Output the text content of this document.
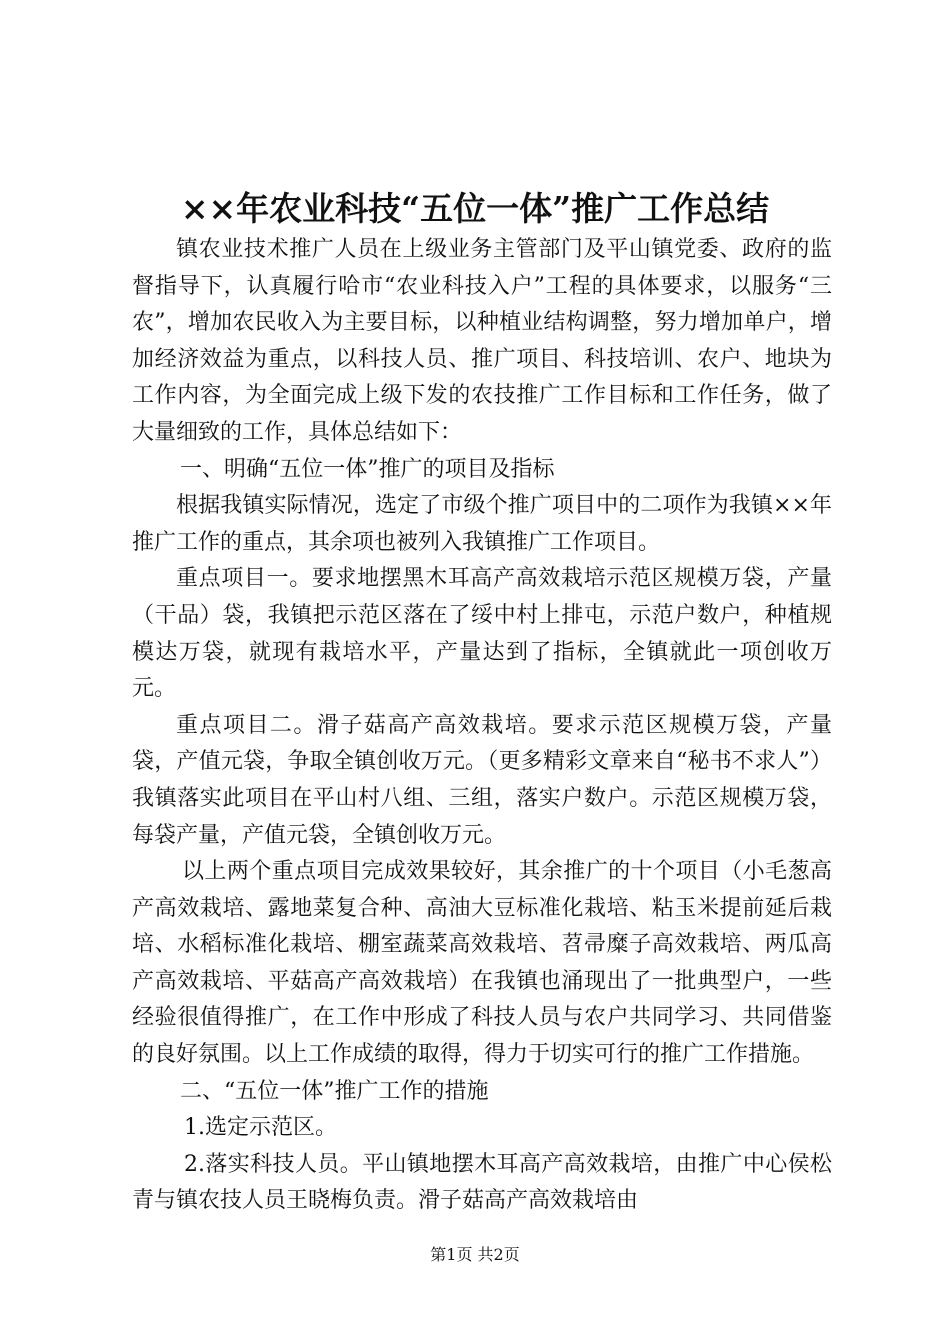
××年农业科技“五位一体”推广工作总结

镇农业技术推广人员在上级业务主管部门及平山镇党委、政府的监督指导下，认真履行哈市“农业科技入户”工程的具体要求，以服务“三农”，增加农民收入为主要目标，以种植业结构调整，努力增加单户，增加经济效益为重点，以科技人员、推广项目、科技培训、农户、地块为工作内容，为全面完成上级下发的农技推广工作目标和工作任务，做了大量细致的工作，具体总结如下：

一、明确“五位一体”推广的项目及指标

根据我镇实际情况，选定了市级个推广项目中的二项作为我镇××年推广工作的重点，其余项也被列入我镇推广工作项目。

重点项目一。要求地摆黑木耳高产高效栽培示范区规模万袋，产量（干品）袋，我镇把示范区落在了绥中村上排屯，示范户数户，种植规模达万袋，就现有栽培水平，产量达到了指标，全镇就此一项创收万元。

重点项目二。滑子菇高产高效栽培。要求示范区规模万袋，产量袋，产值元袋，争取全镇创收万元。（更多精彩文章来自“秘书不求人”）我镇落实此项目在平山村八组、三组，落实户数户。示范区规模万袋，每袋产量，产值元袋，全镇创收万元。

以上两个重点项目完成效果较好，其余推广的十个项目（小毛葱高产高效栽培、露地菜复合种、高油大豆标准化栽培、粘玉米提前延后栽培、水稻标准化栽培、棚室蔬菜高效栽培、苕帚糜子高效栽培、两瓜高产高效栽培、平菇高产高效栽培）在我镇也涌现出了一批典型户，一些经验很值得推广，在工作中形成了科技人员与农户共同学习、共同借鉴的良好氛围。以上工作成绩的取得，得力于切实可行的推广工作措施。

二、“五位一体”推广工作的措施

1.选定示范区。

2.落实科技人员。平山镇地摆木耳高产高效栽培，由推广中心侯松青与镇农技人员王晓梅负责。滑子菇高产高效栽培由

第1页 共2页
